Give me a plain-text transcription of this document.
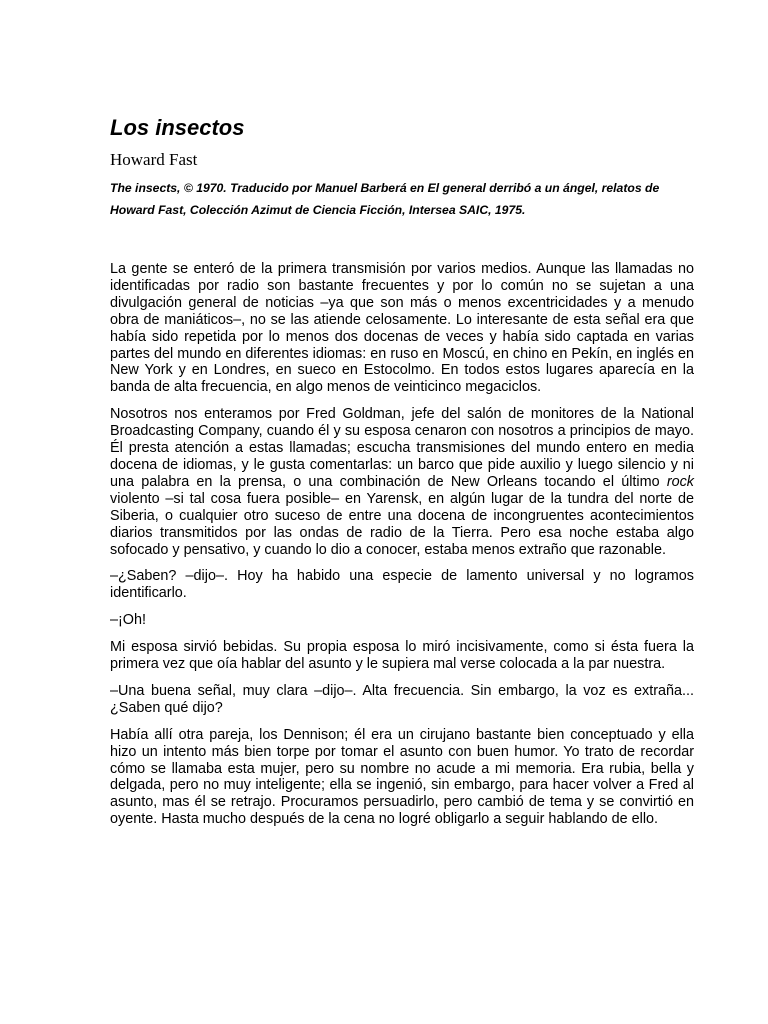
Los insectos
Howard Fast

The insects, © 1970. Traducido por Manuel Barberá en El general derribó a un ángel, relatos de Howard Fast, Colección Azimut de Ciencia Ficción, Intersea SAIC, 1975.

La gente se enteró de la primera transmisión por varios medios. Aunque las llamadas no identificadas por radio son bastante frecuentes y por lo común no se sujetan a una divulgación general de noticias –ya que son más o menos excentricidades y a menudo obra de maniáticos–, no se las atiende celosamente. Lo interesante de esta señal era que había sido repetida por lo menos dos docenas de veces y había sido captada en varias partes del mundo en diferentes idiomas: en ruso en Moscú, en chino en Pekín, en inglés en New York y en Londres, en sueco en Estocolmo. En todos estos lugares aparecía en la banda de alta frecuencia, en algo menos de veinticinco megaciclos.

Nosotros nos enteramos por Fred Goldman, jefe del salón de monitores de la National Broadcasting Company, cuando él y su esposa cenaron con nosotros a principios de mayo. Él presta atención a estas llamadas; escucha transmisiones del mundo entero en media docena de idiomas, y le gusta comentarlas: un barco que pide auxilio y luego silencio y ni una palabra en la prensa, o una combinación de New Orleans tocando el último rock violento –si tal cosa fuera posible– en Yarensk, en algún lugar de la tundra del norte de Siberia, o cualquier otro suceso de entre una docena de incongruentes acontecimientos diarios transmitidos por las ondas de radio de la Tierra. Pero esa noche estaba algo sofocado y pensativo, y cuando lo dio a conocer, estaba menos extraño que razonable.

–¿Saben? –dijo–. Hoy ha habido una especie de lamento universal y no logramos identificarlo.

–¡Oh!

Mi esposa sirvió bebidas. Su propia esposa lo miró incisivamente, como si ésta fuera la primera vez que oía hablar del asunto y le supiera mal verse colocada a la par nuestra.

–Una buena señal, muy clara –dijo–. Alta frecuencia. Sin embargo, la voz es extraña... ¿Saben qué dijo?

Había allí otra pareja, los Dennison; él era un cirujano bastante bien conceptuado y ella hizo un intento más bien torpe por tomar el asunto con buen humor. Yo trato de recordar cómo se llamaba esta mujer, pero su nombre no acude a mi memoria. Era rubia, bella y delgada, pero no muy inteligente; ella se ingenió, sin embargo, para hacer volver a Fred al asunto, mas él se retrajo. Procuramos persuadirlo, pero cambió de tema y se convirtió en oyente. Hasta mucho después de la cena no logré obligarlo a seguir hablando de ello.
